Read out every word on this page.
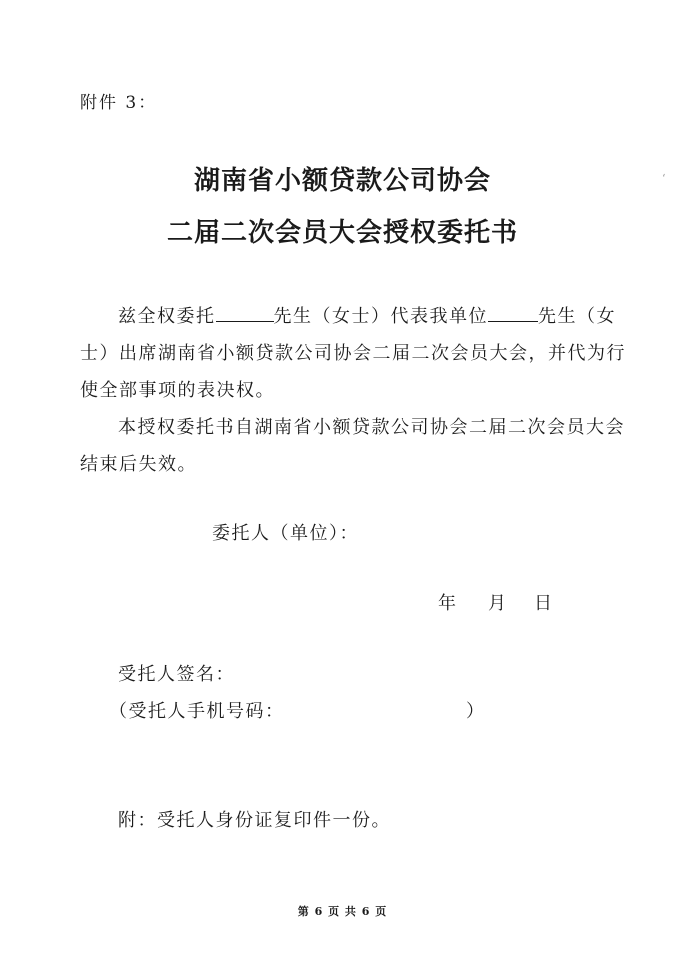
附件 3：
湖南省小额贷款公司协会
二届二次会员大会授权委托书
‘
兹全权委托	先生（女士）代表我单位	先生（女
士）出席湖南省小额贷款公司协会二届二次会员大会，并代为行
使全部事项的表决权。
本授权委托书自湖南省小额贷款公司协会二届二次会员大会
结束后失效。
委托人（单位）：
年 月 日
受托人签名：
（受托人手机号码：	）
附：受托人身份证复印件一份。
第 6 页 共 6 页
